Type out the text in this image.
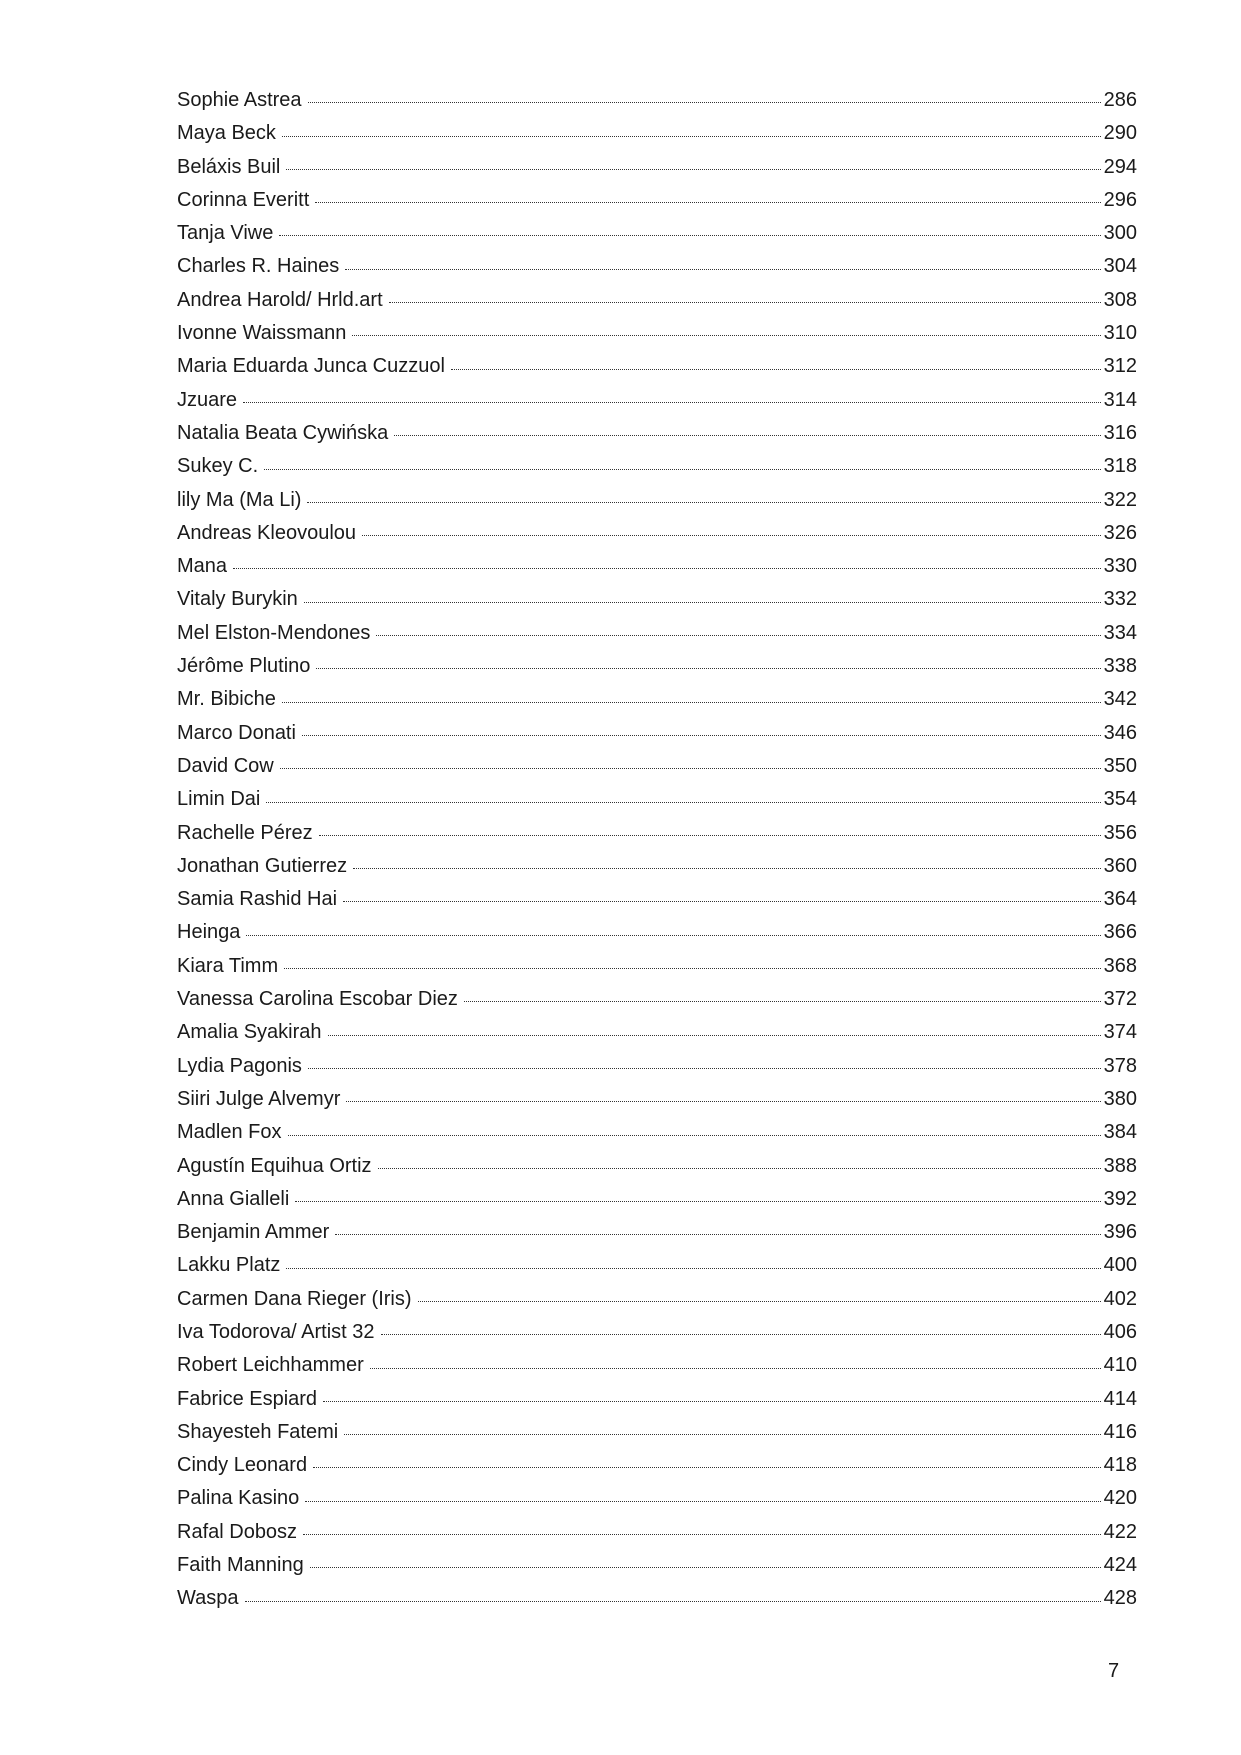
Sophie Astrea	286
Maya Beck	290
Beláxis Buil	294
Corinna Everitt	296
Tanja Viwe	300
Charles R. Haines	304
Andrea Harold/ Hrld.art	308
Ivonne Waissmann	310
Maria Eduarda Junca Cuzzuol	312
Jzuare	314
Natalia Beata Cywińska	316
Sukey C.	318
lily Ma (Ma Li)	322
Andreas Kleovoulou	326
Mana	330
Vitaly Burykin	332
Mel Elston-Mendones	334
Jérôme Plutino	338
Mr. Bibiche	342
Marco Donati	346
David Cow	350
Limin Dai	354
Rachelle Pérez	356
Jonathan Gutierrez	360
Samia Rashid Hai	364
Heinga	366
Kiara Timm	368
Vanessa Carolina Escobar Diez	372
Amalia Syakirah	374
Lydia Pagonis	378
Siiri Julge Alvemyr	380
Madlen Fox	384
Agustín Equihua Ortiz	388
Anna Gialleli	392
Benjamin Ammer	396
Lakku Platz	400
Carmen Dana Rieger (Iris)	402
Iva Todorova/ Artist 32	406
Robert Leichhammer	410
Fabrice Espiard	414
Shayesteh Fatemi	416
Cindy Leonard	418
Palina Kasino	420
Rafal Dobosz	422
Faith Manning	424
Waspa	428
7
